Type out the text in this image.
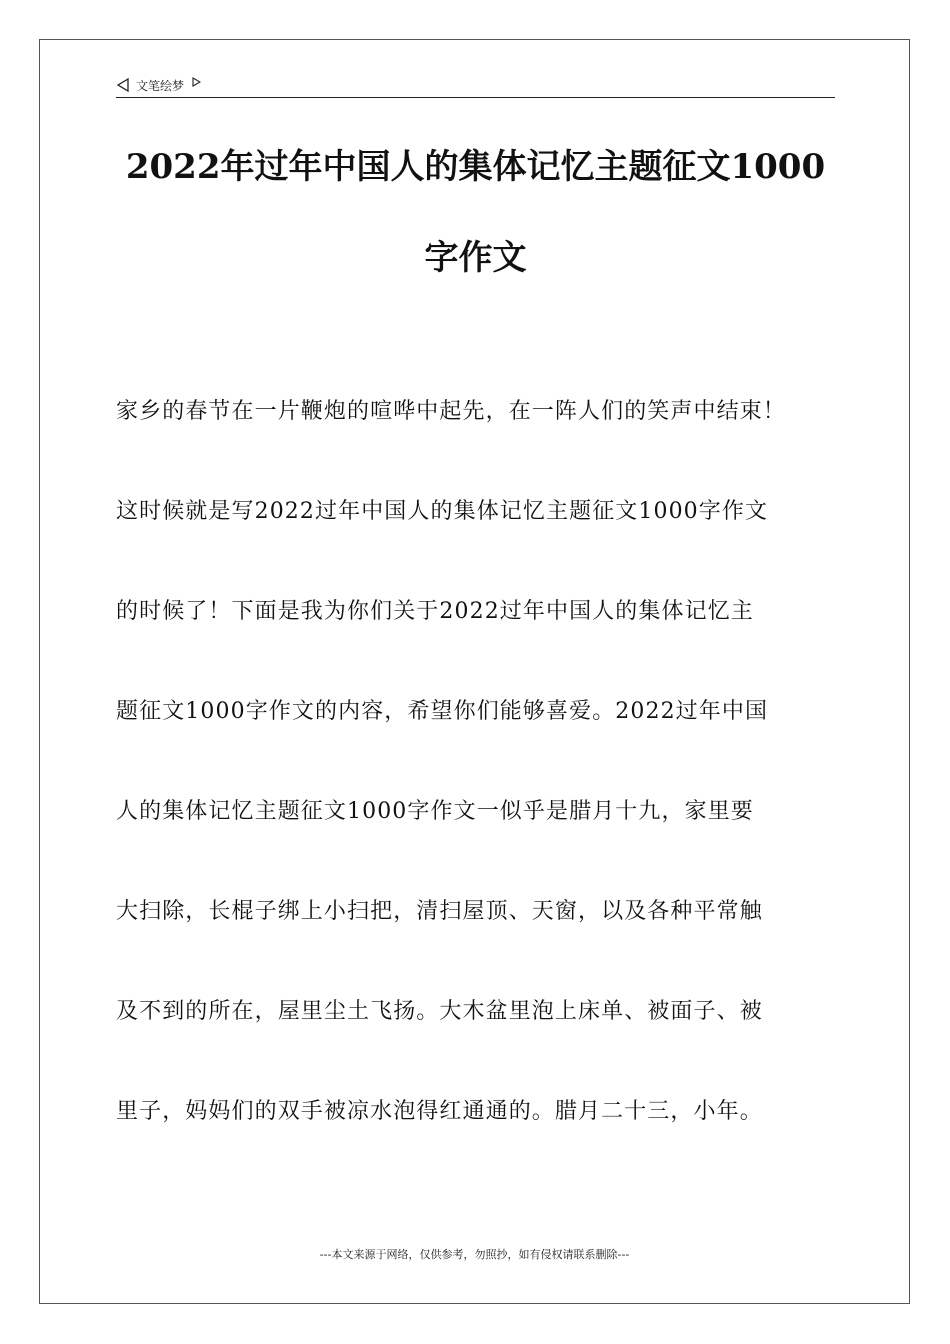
文笔绘梦
2022年过年中国人的集体记忆主题征文1000字作文
家乡的春节在一片鞭炮的喧哗中起先，在一阵人们的笑声中结束！
这时候就是写2022过年中国人的集体记忆主题征文1000字作文
的时候了！下面是我为你们关于2022过年中国人的集体记忆主
题征文1000字作文的内容，希望你们能够喜爱。2022过年中国
人的集体记忆主题征文1000字作文一似乎是腊月十九，家里要
大扫除，长棍子绑上小扫把，清扫屋顶、天窗，以及各种平常触
及不到的所在，屋里尘土飞扬。大木盆里泡上床单、被面子、被
里子，妈妈们的双手被凉水泡得红通通的。腊月二十三，小年。
---本文来源于网络，仅供参考，勿照抄，如有侵权请联系删除---
